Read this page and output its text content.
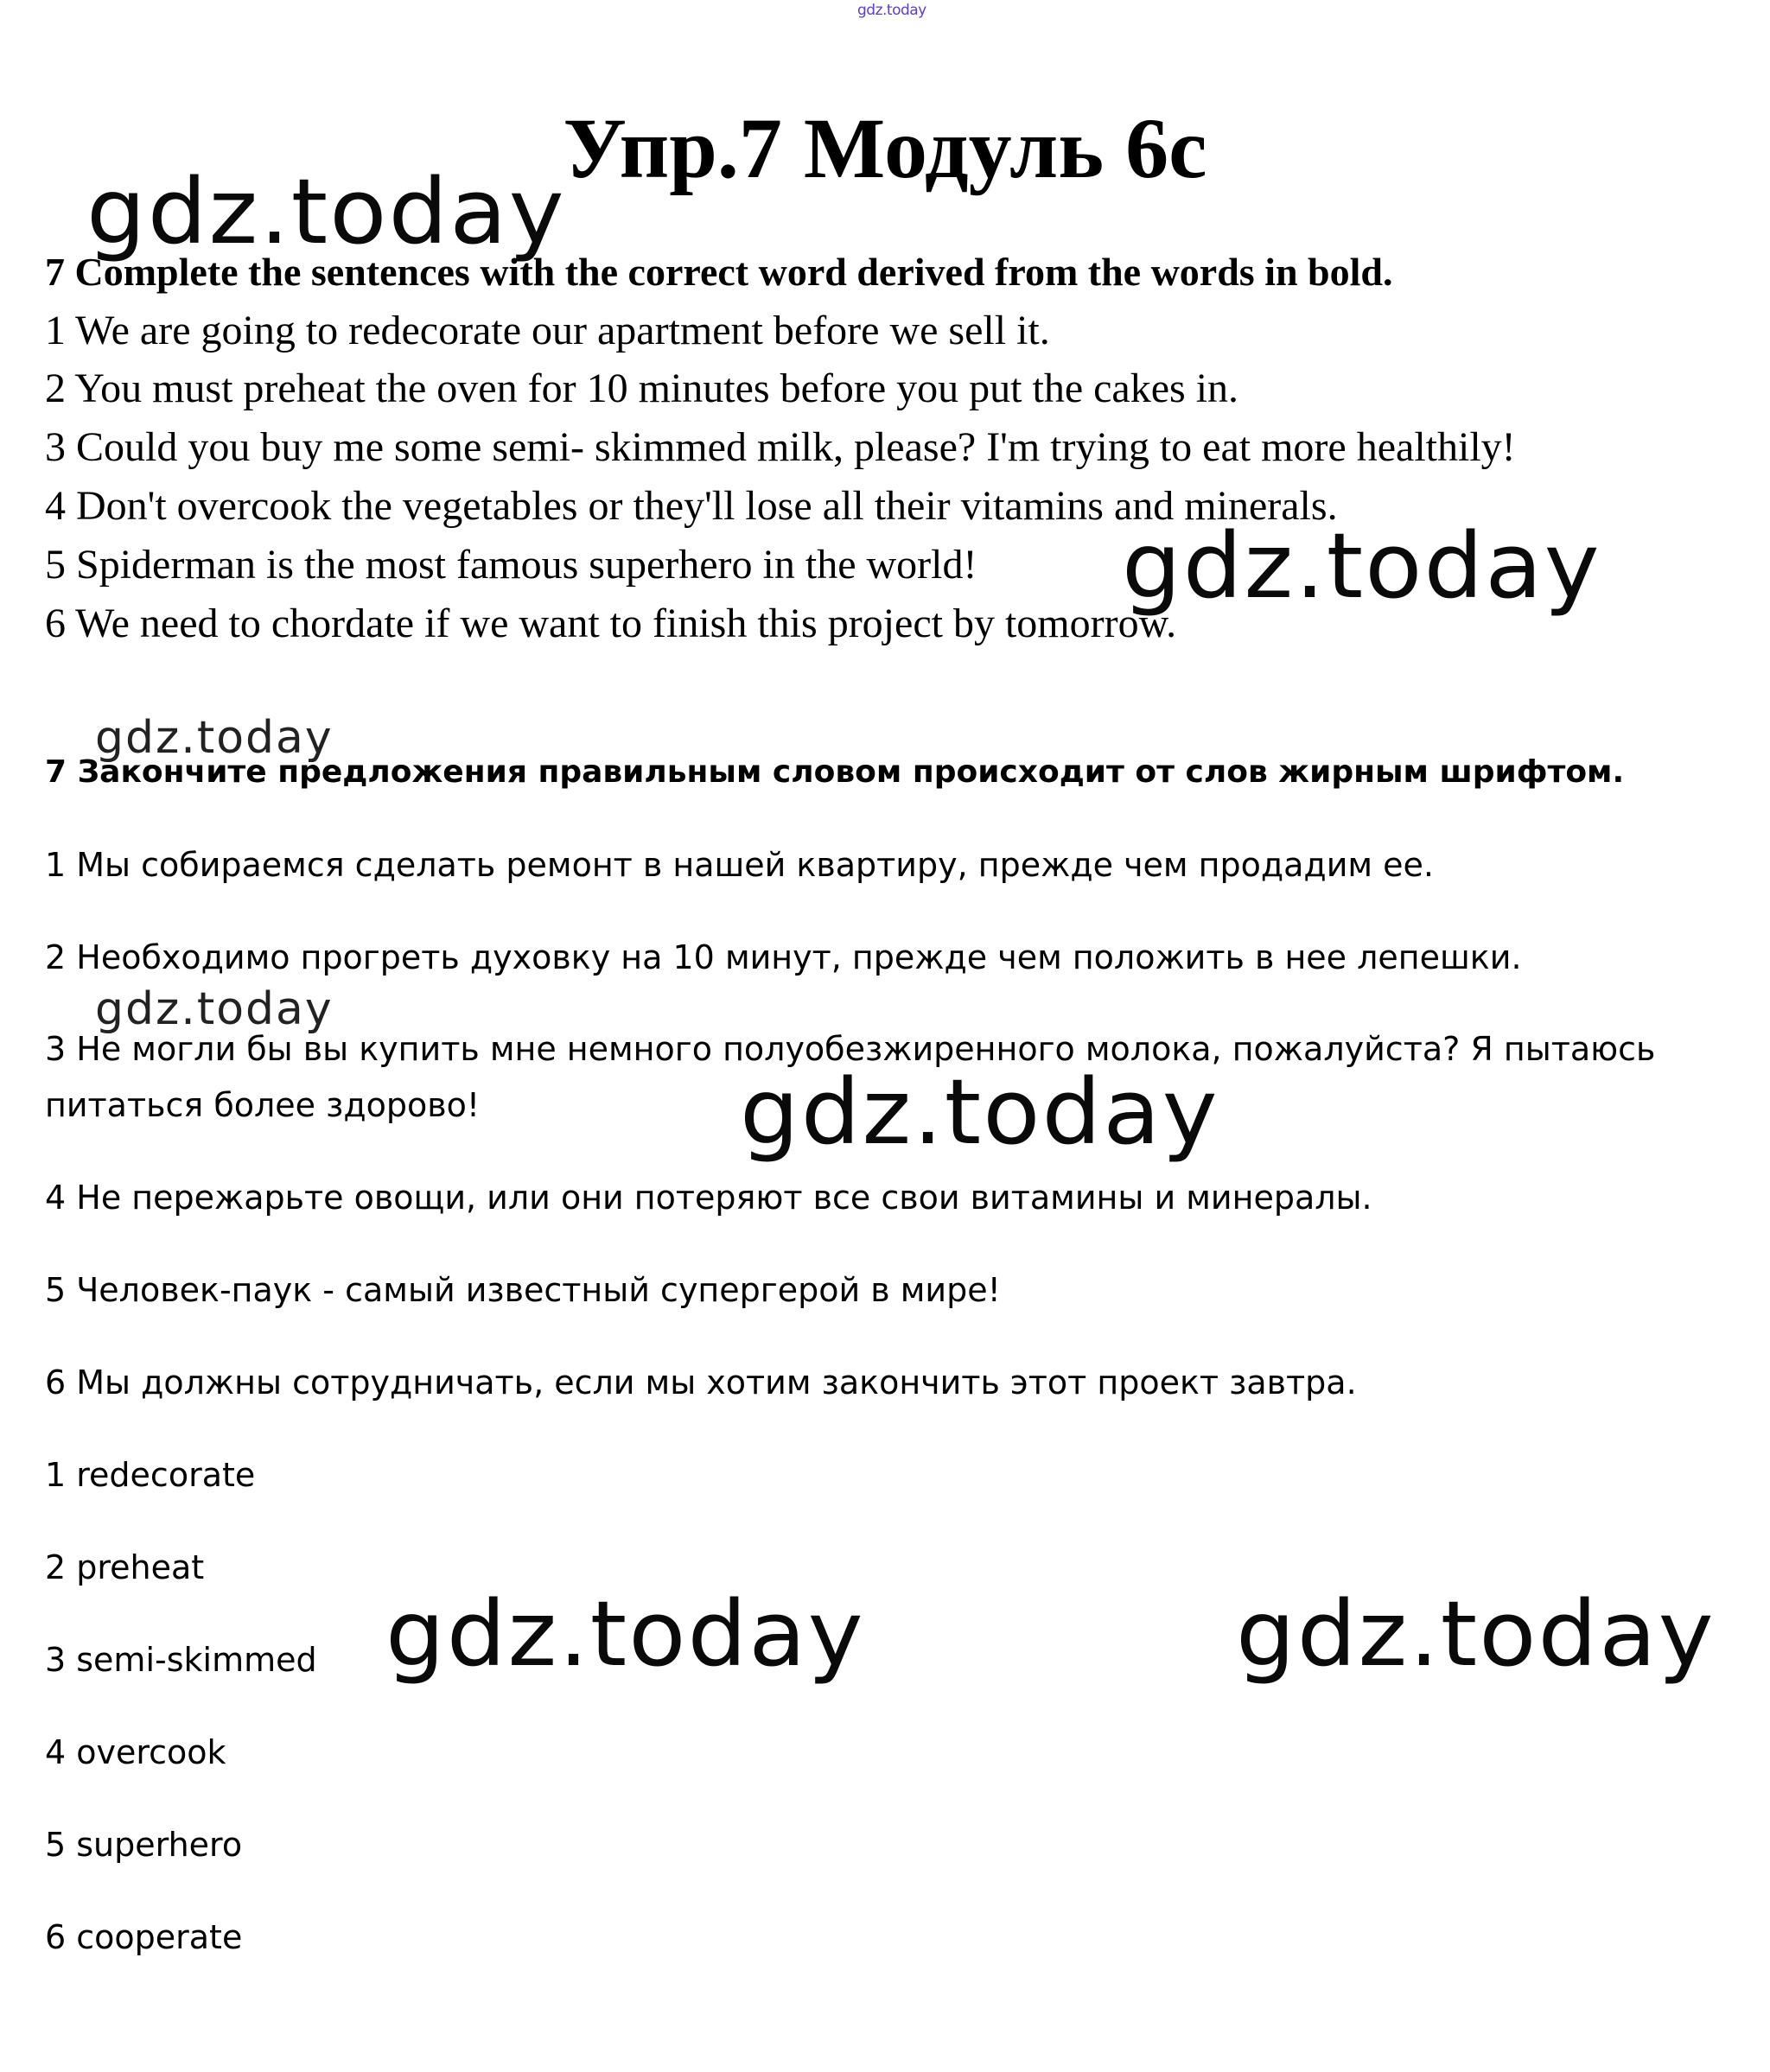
gdz.today
Упр.7 Модуль 6c
gdz.today
gdz.today
gdz.today
gdz.today
gdz.today
gdz.today	gdz.today
7 Complete the sentences with the correct word derived from the words in bold.
1 We are going to redecorate our apartment before we sell it.
2 You must preheat the oven for 10 minutes before you put the cakes in.
3 Could you buy me some semi- skimmed milk, please? I'm trying to eat more healthily!
4 Don't overcook the vegetables or they'll lose all their vitamins and minerals.
5 Spiderman is the most famous superhero in the world!
6 We need to chordate if we want to finish this project by tomorrow.
7 Закончите предложения правильным словом происходит от слов жирным шрифтом.
1 Мы собираемся сделать ремонт в нашей квартиру, прежде чем продадим ее.
2 Необходимо прогреть духовку на 10 минут, прежде чем положить в нее лепешки.
3 Не могли бы вы купить мне немного полуобезжиренного молока, пожалуйста? Я пытаюсь
питаться более здорово!
4 Не пережарьте овощи, или они потеряют все свои витамины и минералы.
5 Человек-паук - самый известный супергерой в мире!
6 Мы должны сотрудничать, если мы хотим закончить этот проект завтра.
1 redecorate
2 preheat
3 semi-skimmed
4 overcook
5 superhero
6 cooperate
